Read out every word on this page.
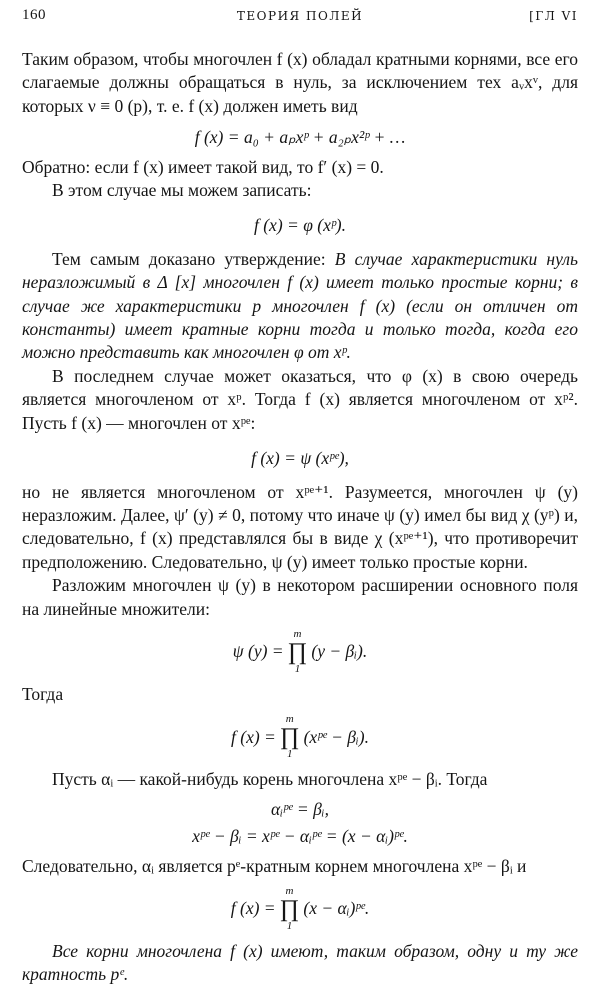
160	ТЕОРИЯ ПОЛЕЙ	[ГЛ VI

Таким образом, чтобы многочлен f (x) обладал кратными корнями, все его слагаемые должны обращаться в нуль, за исключением тех aᵥxᵛ, для которых ν ≡ 0 (p), т. е. f (x) должен иметь вид

f (x) = a₀ + aₚxᵖ + a₂ₚx²ᵖ + …

Обратно: если f (x) имеет такой вид, то f′ (x) = 0.

В этом случае мы можем записать:

f (x) = φ (xᵖ).

Тем самым доказано утверждение: В случае характеристики нуль неразложимый в Δ [x] многочлен f (x) имеет только простые корни; в случае же характеристики p многочлен f (x) (если он отличен от константы) имеет кратные корни тогда и только тогда, когда его можно представить как многочлен φ от xᵖ.

В последнем случае может оказаться, что φ (x) в свою очередь является многочленом от xᵖ. Тогда f (x) является многочленом от xᵖ². Пусть f (x) — многочлен от xᵖᵉ:

f (x) = ψ (xᵖᵉ),

но не является многочленом от xᵖᵉ⁺¹. Разумеется, многочлен ψ (y) неразложим. Далее, ψ′ (y) ≠ 0, потому что иначе ψ (y) имел бы вид χ (yᵖ) и, следовательно, f (x) представлялся бы в виде χ (xᵖᵉ⁺¹), что противоречит предположению. Следовательно, ψ (y) имеет только простые корни.

Разложим многочлен ψ (y) в некотором расширении основного поля на линейные множители:

ψ (y) =
m
∏
1
(y − βᵢ).

Тогда

f (x) =
m
∏
1
(xᵖᵉ − βᵢ).

Пусть αᵢ — какой-нибудь корень многочлена xᵖᵉ − βᵢ. Тогда

αᵢᵖᵉ = βᵢ,

xᵖᵉ − βᵢ = xᵖᵉ − αᵢᵖᵉ = (x − αᵢ)ᵖᵉ.

Следовательно, αᵢ является pᵉ-кратным корнем многочлена xᵖᵉ − βᵢ и

f (x) =
m
∏
1
(x − αᵢ)ᵖᵉ.

Все корни многочлена f (x) имеют, таким образом, одну и ту же кратность pᵉ.
